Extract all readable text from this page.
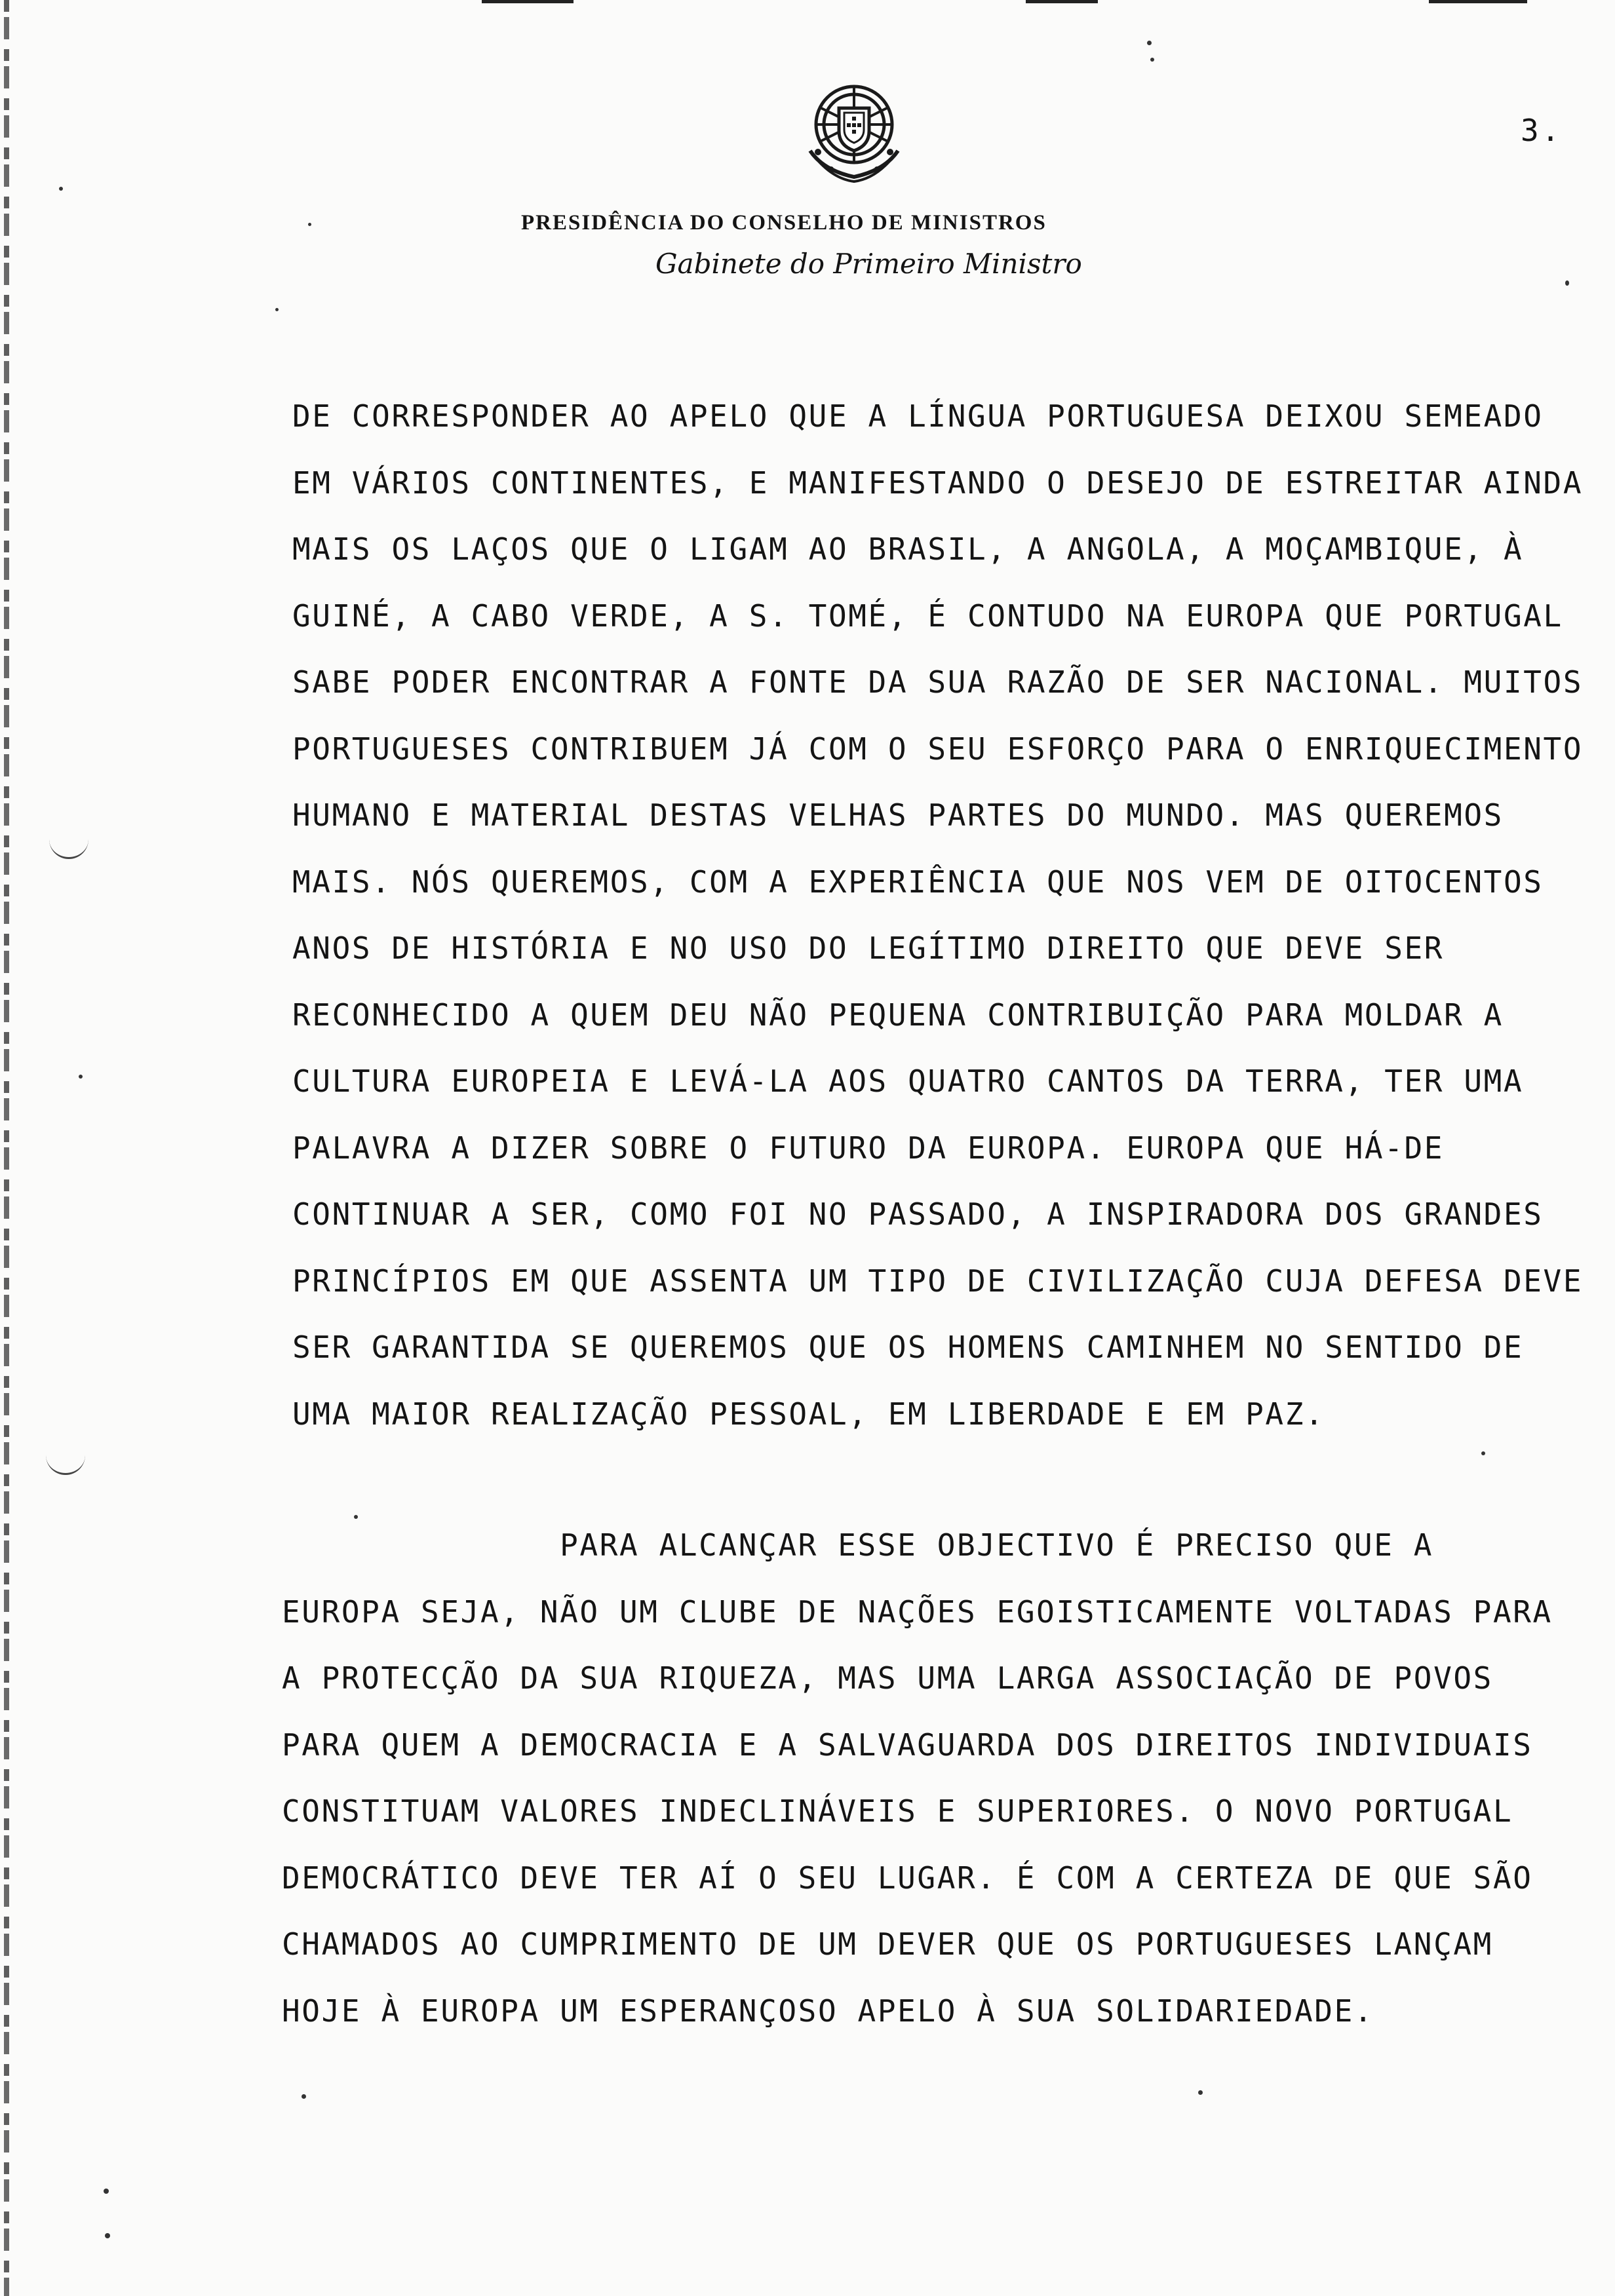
3.
PRESIDÊNCIA DO CONSELHO DE MINISTROS
Gabinete do Primeiro Ministro
DE CORRESPONDER AO APELO QUE A LÍNGUA PORTUGUESA DEIXOU SEMEADO
EM VÁRIOS CONTINENTES, E MANIFESTANDO O DESEJO DE ESTREITAR AINDA
MAIS OS LAÇOS QUE O LIGAM AO BRASIL, A ANGOLA, A MOÇAMBIQUE, À
GUINÉ, A CABO VERDE, A S. TOMÉ, É CONTUDO NA EUROPA QUE PORTUGAL
SABE PODER ENCONTRAR A FONTE DA SUA RAZÃO DE SER NACIONAL. MUITOS
PORTUGUESES CONTRIBUEM JÁ COM O SEU ESFORÇO PARA O ENRIQUECIMENTO
HUMANO E MATERIAL DESTAS VELHAS PARTES DO MUNDO. MAS QUEREMOS
MAIS. NÓS QUEREMOS, COM A EXPERIÊNCIA QUE NOS VEM DE OITOCENTOS
ANOS DE HISTÓRIA E NO USO DO LEGÍTIMO DIREITO QUE DEVE SER
RECONHECIDO A QUEM DEU NÃO PEQUENA CONTRIBUIÇÃO PARA MOLDAR A
CULTURA EUROPEIA E LEVÁ-LA AOS QUATRO CANTOS DA TERRA, TER UMA
PALAVRA A DIZER SOBRE O FUTURO DA EUROPA. EUROPA QUE HÁ-DE
CONTINUAR A SER, COMO FOI NO PASSADO, A INSPIRADORA DOS GRANDES
PRINCÍPIOS EM QUE ASSENTA UM TIPO DE CIVILIZAÇÃO CUJA DEFESA DEVE
SER GARANTIDA SE QUEREMOS QUE OS HOMENS CAMINHEM NO SENTIDO DE
UMA MAIOR REALIZAÇÃO PESSOAL, EM LIBERDADE E EM PAZ.
PARA ALCANÇAR ESSE OBJECTIVO É PRECISO QUE A
EUROPA SEJA, NÃO UM CLUBE DE NAÇÕES EGOISTICAMENTE VOLTADAS PARA
A PROTECÇÃO DA SUA RIQUEZA, MAS UMA LARGA ASSOCIAÇÃO DE POVOS
PARA QUEM A DEMOCRACIA E A SALVAGUARDA DOS DIREITOS INDIVIDUAIS
CONSTITUAM VALORES INDECLINÁVEIS E SUPERIORES. O NOVO PORTUGAL
DEMOCRÁTICO DEVE TER AÍ O SEU LUGAR. É COM A CERTEZA DE QUE SÃO
CHAMADOS AO CUMPRIMENTO DE UM DEVER QUE OS PORTUGUESES LANÇAM
HOJE À EUROPA UM ESPERANÇOSO APELO À SUA SOLIDARIEDADE.
